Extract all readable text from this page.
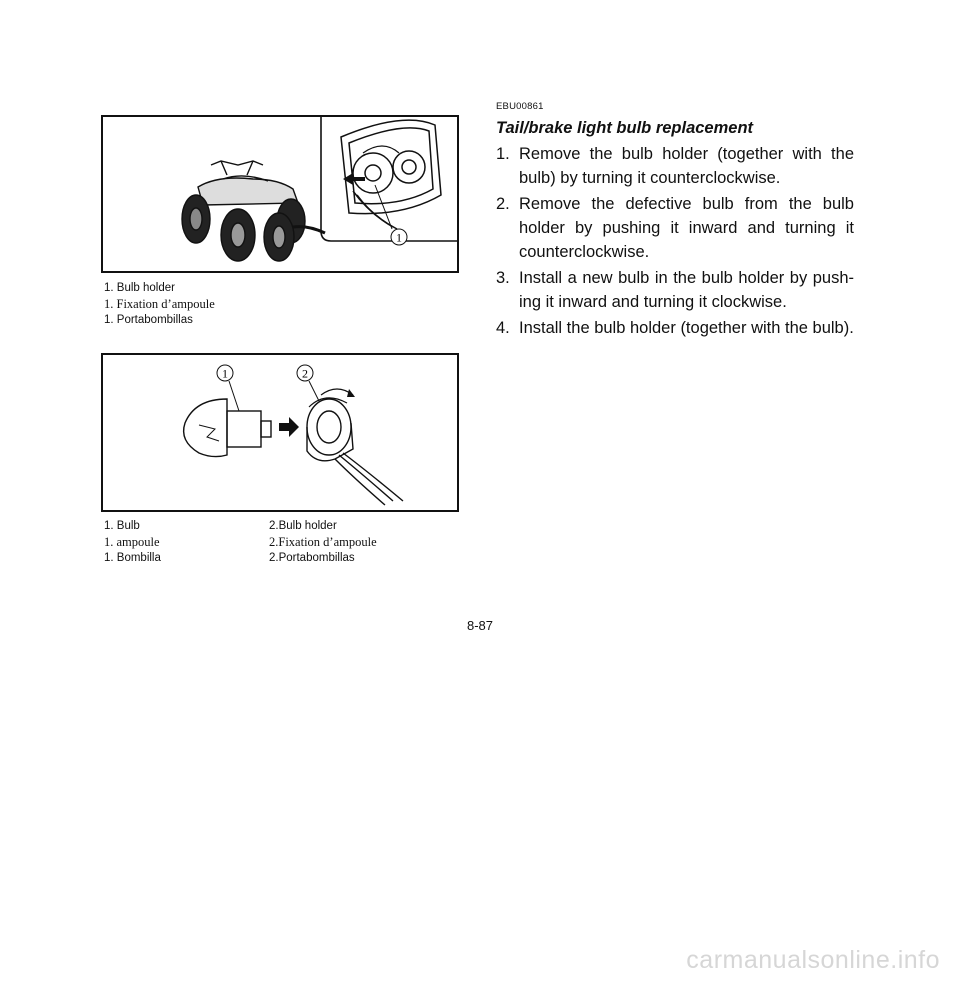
1
1. Bulb holder
1. Fixation d’ampoule
1. Portabombillas
1	2
1. Bulb	2.Bulb holder
1. ampoule	2.Fixation d’ampoule
1. Bombilla	2.Portabombillas
EBU00861
Tail/brake light bulb replacement
1. Remove the bulb holder (together with the bulb) by turning it counterclockwise.
2. Remove the defective bulb from the bulb holder by pushing it inward and turning it counterclockwise.
3. Install a new bulb in the bulb holder by push-ing it inward and turning it clockwise.
4. Install the bulb holder (together with the bulb).
8-87
carmanualsonline.info
